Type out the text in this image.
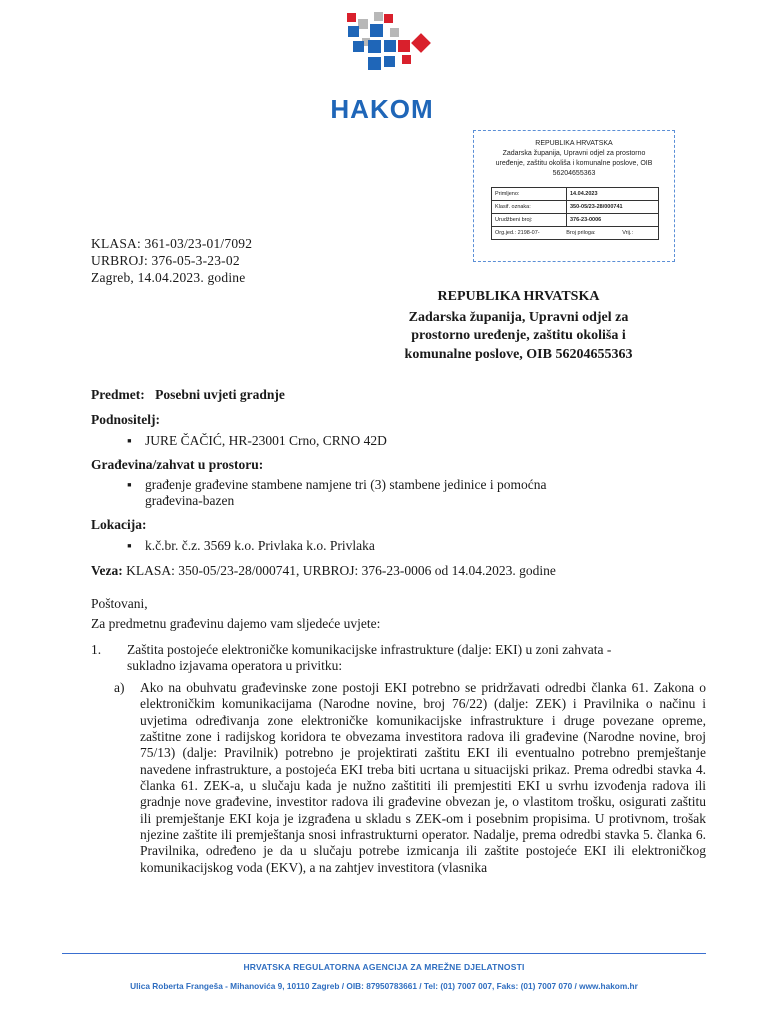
HAKOM
REPUBLIKA HRVATSKA
Zadarska županija, Upravni odjel za prostorno
uređenje, zaštitu okoliša i komunalne poslove, OIB
56204655363
Primljeno:	14.04.2023
Klasif. oznaka:	350-05/23-28/000741
Urudžbeni broj:	376-23-0006

Org.jed.: 2198-07- Broj priloga: Vrij.:	
KLASA: 361-03/23-01/7092
URBROJ: 376-05-3-23-02
Zagreb, 14.04.2023. godine
REPUBLIKA HRVATSKA
Zadarska županija, Upravni odjel za
prostorno uređenje, zaštitu okoliša i
komunalne poslove, OIB 56204655363
Predmet: Posebni uvjeti gradnje
Podnositelj:
▪ JURE ČAČIĆ, HR-23001 Crno, CRNO 42D
Građevina/zahvat u prostoru:
▪ građenje građevine stambene namjene tri (3) stambene jedinice i pomoćna
građevina-bazen
Lokacija:
▪ k.č.br. č.z. 3569 k.o. Privlaka k.o. Privlaka
Veza: KLASA: 350-05/23-28/000741, URBROJ: 376-23-0006 od 14.04.2023. godine
Poštovani,
Za predmetnu građevinu dajemo vam sljedeće uvjete:
1. Zaštita postojeće elektroničke komunikacijske infrastrukture (dalje: EKI) u zoni zahvata -
sukladno izjavama operatora u privitku:
a) Ako na obuhvatu građevinske zone postoji EKI potrebno se pridržavati odredbi članka 61. Zakona o elektroničkim komunikacijama (Narodne novine, broj 76/22) (dalje: ZEK) i Pravilnika o načinu i uvjetima određivanja zone elektroničke komunikacijske infrastrukture i druge povezane opreme, zaštitne zone i radijskog koridora te obvezama investitora radova ili građevine (Narodne novine, broj 75/13) (dalje: Pravilnik) potrebno je projektirati zaštitu EKI ili eventualno potrebno premještanje navedene infrastrukture, a postojeća EKI treba biti ucrtana u situacijski prikaz. Prema odredbi stavka 4. članka 61. ZEK-a, u slučaju kada je nužno zaštititi ili premjestiti EKI u svrhu izvođenja radova ili gradnje nove građevine, investitor radova ili građevine obvezan je, o vlastitom trošku, osigurati zaštitu ili premještanje EKI koja je izgrađena u skladu s ZEK-om i posebnim propisima. U protivnom, trošak njezine zaštite ili premještanja snosi infrastrukturni operator. Nadalje, prema odredbi stavka 5. članka 6. Pravilnika, određeno je da u slučaju potrebe izmicanja ili zaštite postojeće EKI ili elektroničkog komunikacijskog voda (EKV), a na zahtjev investitora (vlasnika
HRVATSKA REGULATORNA AGENCIJA ZA MREŽNE DJELATNOSTI
Ulica Roberta Frangeša - Mihanovića 9, 10110 Zagreb / OIB: 87950783661 / Tel: (01) 7007 007, Faks: (01) 7007 070 / www.hakom.hr
